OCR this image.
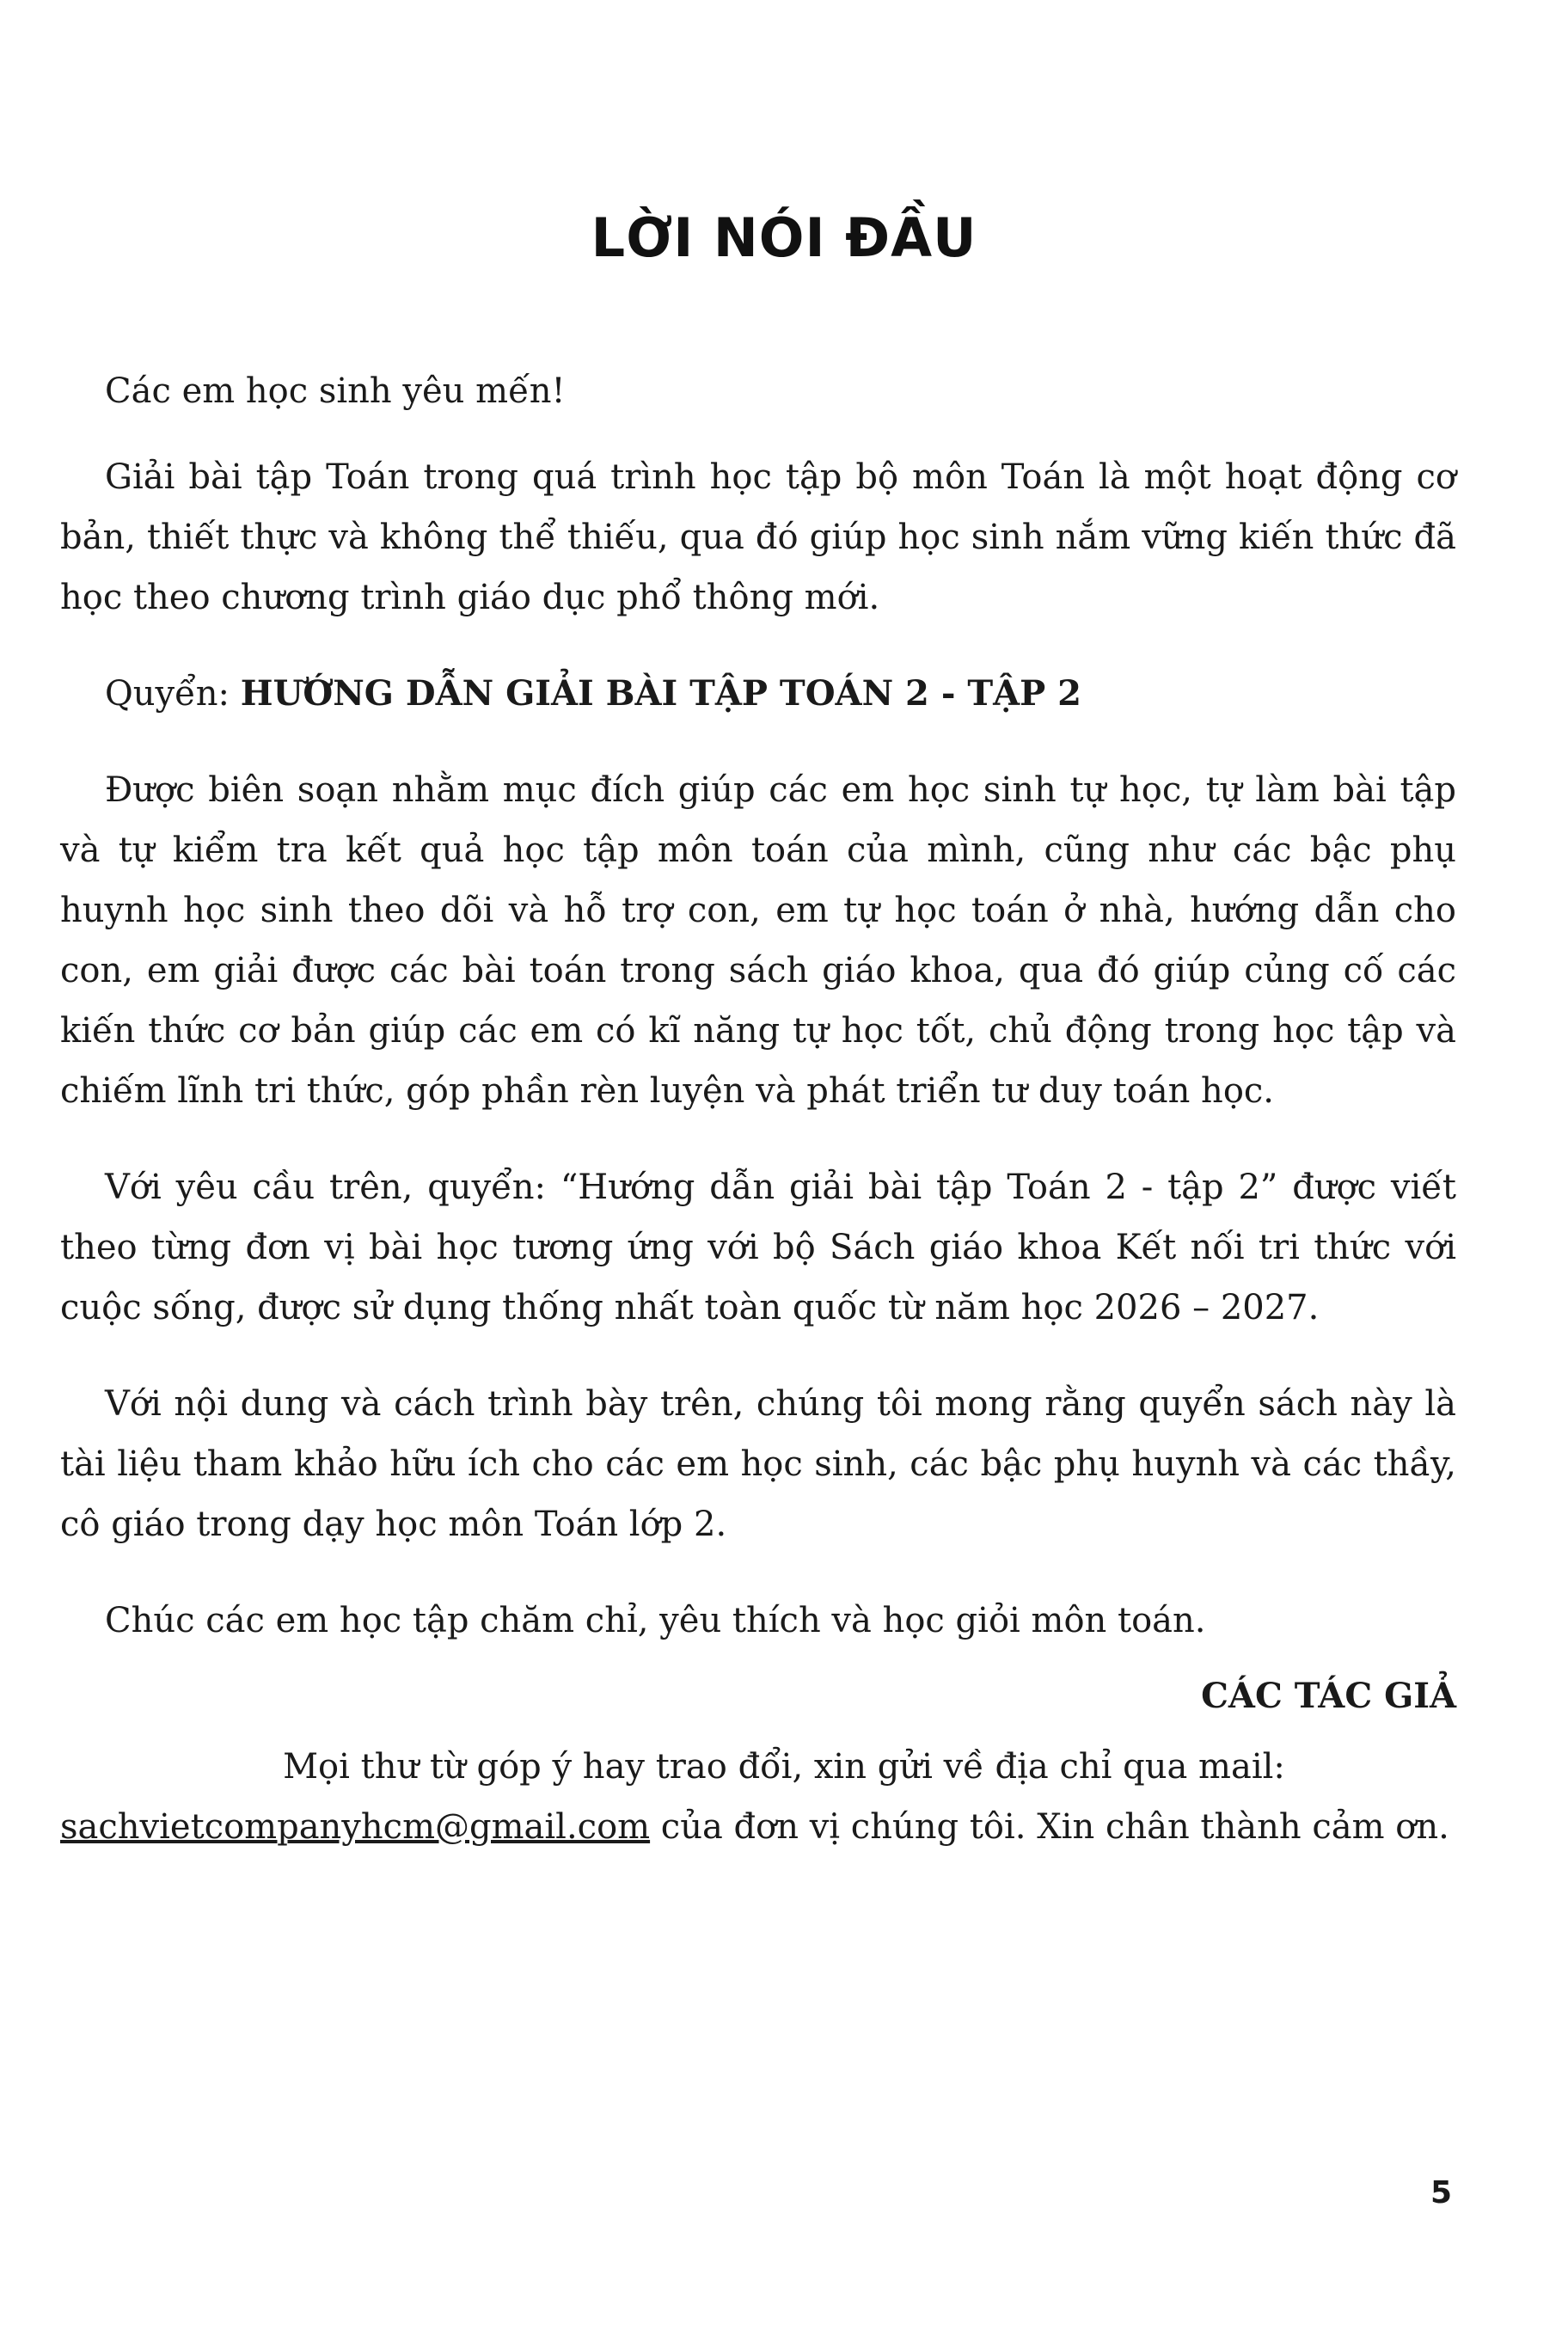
LỜI NÓI ĐẦU

Các em học sinh yêu mến!

Giải bài tập Toán trong quá trình học tập bộ môn Toán là một hoạt động cơ bản, thiết thực và không thể thiếu, qua đó giúp học sinh nắm vững kiến thức đã học theo chương trình giáo dục phổ thông mới.

Quyển: HƯỚNG DẪN GIẢI BÀI TẬP TOÁN 2 - TẬP 2

Được biên soạn nhằm mục đích giúp các em học sinh tự học, tự làm bài tập và tự kiểm tra kết quả học tập môn toán của mình, cũng như các bậc phụ huynh học sinh theo dõi và hỗ trợ con, em tự học toán ở nhà, hướng dẫn cho con, em giải được các bài toán trong sách giáo khoa, qua đó giúp củng cố các kiến thức cơ bản giúp các em có kĩ năng tự học tốt, chủ động trong học tập và chiếm lĩnh tri thức, góp phần rèn luyện và phát triển tư duy toán học.

Với yêu cầu trên, quyển: “Hướng dẫn giải bài tập Toán 2 - tập 2” được viết theo từng đơn vị bài học tương ứng với bộ Sách giáo khoa Kết nối tri thức với cuộc sống, được sử dụng thống nhất toàn quốc từ năm học 2026 – 2027.

Với nội dung và cách trình bày trên, chúng tôi mong rằng quyển sách này là tài liệu tham khảo hữu ích cho các em học sinh, các bậc phụ huynh và các thầy, cô giáo trong dạy học môn Toán lớp 2.

Chúc các em học tập chăm chỉ, yêu thích và học giỏi môn toán.

CÁC TÁC GIẢ

Mọi thư từ góp ý hay trao đổi, xin gửi về địa chỉ qua mail:
sachvietcompanyhcm@gmail.com của đơn vị chúng tôi. Xin chân thành cảm ơn.
5
